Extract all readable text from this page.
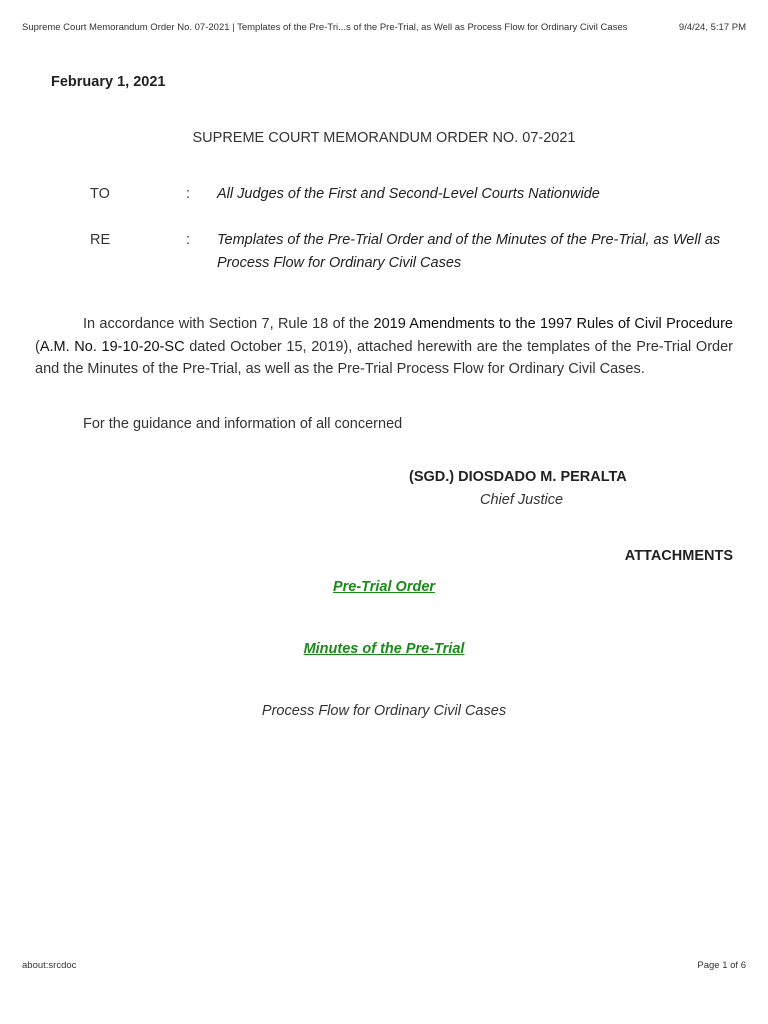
Supreme Court Memorandum Order No. 07-2021 | Templates of the Pre-Tri...s of the Pre-Trial, as Well as Process Flow for Ordinary Civil Cases	9/4/24, 5:17 PM
February 1, 2021
SUPREME COURT MEMORANDUM ORDER NO. 07-2021
TO	: All Judges of the First and Second-Level Courts Nationwide
RE	: Templates of the Pre-Trial Order and of the Minutes of the Pre-Trial, as Well as Process Flow for Ordinary Civil Cases

In accordance with Section 7, Rule 18 of the 2019 Amendments to the 1997 Rules of Civil Procedure (A.M. No. 19-10-20-SC dated October 15, 2019), attached herewith are the templates of the Pre-Trial Order and the Minutes of the Pre-Trial, as well as the Pre-Trial Process Flow for Ordinary Civil Cases.

For the guidance and information of all concerned
(SGD.) DIOSDADO M. PERALTA
Chief Justice
ATTACHMENTS
Pre-Trial Order
Minutes of the Pre-Trial
Process Flow for Ordinary Civil Cases
about:srcdoc	Page 1 of 6
